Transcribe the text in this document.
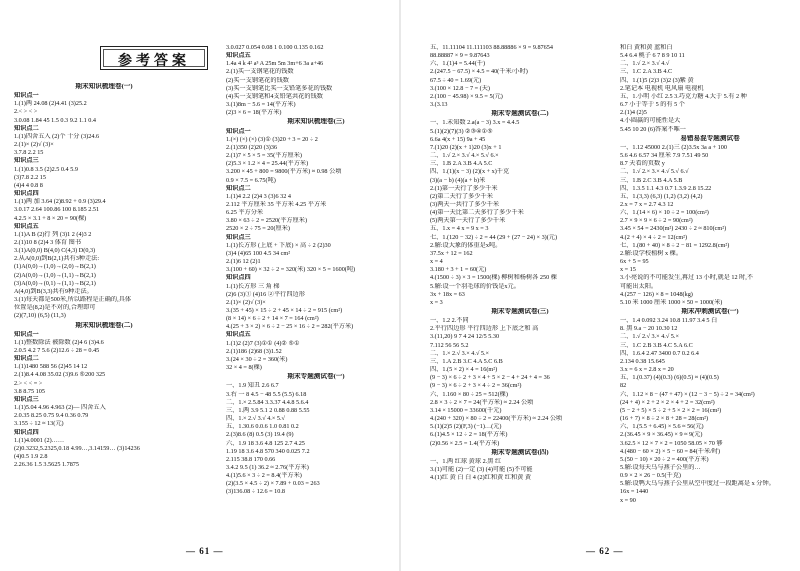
参考答案
期末知识梳理卷(一)
知识点一
1.(1)两 24.08 (2)4.41 (3)25.2
2.< > < >
3.0.08 1.84 45 1.5 0.3 9.2 1.1 0.4
知识点二
1.(1)四舍五入 (2)个 十分 (3)24.6
2.(1)× (2)√ (3)×
3.7.8 2.2 15
知识点三
1.(1)0.8 3.5 (2)2.5 0.4 5.9
(3)7.8 2.2 15
(4)4 4 0.8 8
知识点四
1.(1)两 加 3.64 (2)8.92 + 0.9 (3)29.4
3.0.17 2.64 100.86 100 8.185 2.51
4.2.5 × 3.1 + 8 × 20 = 90(棵)
知识点五
1.(1)A B (2)行 列 (3)1 2 (4)3 2
2.(1)10 8 (2)4 3 体育 图书
3.(1)A(0,0) B(4,0) C(4,3) D(0,3)
2.从A(0,0)到B(2,1)共有3种走法:
(1)A(0,0)→(1,0)→(2,0)→B(2,1)
(2)A(0,0)→(1,0)→(1,1)→B(2,1)
(3)A(0,0)→(0,1)→(1,1)→B(2,1)
A(4,0)到B(3,3)共有9种走法。
3.(1)每天都是500米,所以路程是正确的,具体
位置是(8,2)是不对的,合理即可
(2)(7,10) (6,5) (11,3)
期末知识梳理卷(二)
知识点一
1.(1)整数除法 被除数 (2)4 6 (3)4.6
2.0.5 4.2 7 5.6 (2)12.6 ÷ 28 = 0.45
知识点二
1.(1)1480 588 56 (2)45 14 12
2.(1)8.4 4.08 35.02 (3)9.6 ⑤200 325
2.> < < = >
3.8 8.75 105
知识点三
1.(1)5.04 4.96 4.963 (2)— 四舍五入
2.0.35 8.25 0.75 9.4 0.36 0.79
3.155 ÷ 12 ≈ 13(元)
知识点四
1.(1)4.0001 (2)……
(2)0.3232,5.2325,0.18 4.99…,3.14159… (3)14236
(4)0.5 1.9 2.8
2.26.36 1.5 3.5625 1.7875
3.0.027 0.054 0.08 1 0.100 0.135 0.162
知识点五
1.4a 4 k 4² a³ A 25m 5m 3m+6 3a a+46
2.(1)买一支钢笔花的钱数
(2)买一支钢笔花的钱数
(3)买一支钢笔比买一支铅笔多花的钱数
(4)买一支钢笔和4支铅笔共花的钱数
3.(1)8m − 5.6 = 14(平方米)
(2)3 × 6 = 18(平方米)
期末知识梳理卷(三)
知识点一
1.(×) (×) (×) (3)① (3)20 + 3 = 20 ÷ 2
2.(1)350 (2)20 (3)36
2.(1)7 × 5 × 5 = 35(平方厘米)
(2)5.3 × 1.2 × 4 = 25.44(平方米)
3.200 × 45 + 800 = 9800(平方米) ≈ 0.98 公顷
0.9 × 7.5 = 6.75(吨)
知识点二
1.(1)4 2.2 (2)4 3 (3)6 32 4
2.112 平方厘米 35 平方米 4.25 平方米
6.25 平方分米
3.80 × 63 ÷ 2 = 2520(平方厘米)
2520 × 2 ÷ 75 = 20(厘米)
知识点三
1.(1)长方形 (上底 + 下底) × 高 ÷ 2 (2)30
(3)4 (4)65 100 4.5 34 cm²
2.(1)6 12 (2)1
3.(100 + 60) × 32 ÷ 2 = 320(米) 320 × 5 = 1600(吨)
知识点四
1.(1)长方形 三 角 梯
(2)6 (3)① (4)16 ②平行四边形
2.(1)× (2)√ (3)×
3.(35 + 45) × 15 ÷ 2 + 45 × 14 ÷ 2 = 915 (cm²)
(8 × 14) × 6 ÷ 2 + 14 × 7 = 164 (cm²)
4.(25 + 3 × 2) × 6 ÷ 2 − 25 × 16 ÷ 2 = 282(平方米)
知识点五
1.(1)2 (2)7 (3)①① (4)② ⑤①
2.(1)186 (2)68 (3)1.52
3.(24 × 30 ÷ 2 = 360(米)
32 × 4 = 8(棵)
期末专题测试卷(一)
一、1.9 知丑 2.6 6.7
3.右 一 8 4.5 − 48 5.5 (5.5) 6.18
二、1.× 2.5.84 3.3.37 4.4.8 5.6.4
三、1.两 3.9 5.1 2 0.88 0.88 5.55
四、1.× 2.√ 3.√ 4.× 5.√
五、1.30.6 0.0.6 1.0 0.81 0.2
2.(3)8.6 (8) 0.5 (3) 19.4 (9)
六、1.9 18 3.6 4.8 125 2.7 4.25
1.19 18 3.6 4.8 570 340 0.025 7.2
2.115 38.8 170 0.66
3.4.2 9.5 (1) 36.2 ≈ 2.76(平方米)
4.(1)5.6 × 3 ÷ 2 = 8.4(平方米)
(2)(3.5 × 4.5 ÷ 2) × 7.89 + 0.03 = 263
(3)136.08 ÷ 12.6 = 10.8
— 61 —
五、11.11104 11.111103 88.88886 × 9 = 9.87654
88.88887 × 9 = 9.87643
六、1.(1)4 = 5.44(千)
2.(247.5 − 67.5) × 4.5 = 40(千米/小时)
67.5 ÷ 40 = 1.69(元)
3.(100 × 12.8 − 7 = (天)
2.(100 − 45.98) × 9.5 = 5(元)
3.(3.13
期末专题测试卷(二)
一、1.未知数 2.a(a − 3) 3.x = 4.4.5
5.(1)(2)(7)(3) ②③④①⑤
6.6a 4(x + 15) 9a + 45
7.(1)20 (2)(x + 1)20 (3)x + 1
二、1.√ 2.× 3.√ 4.× 5.√ 6.×
三、1.B 2.A 3.B 4.A 5.C
四、1.(1)(x − 3) (2)(x + x)千克
(3)(a − b) (4)(a + b)米
2.(1)第一天行了多少千米
(2)第二天行了多少千米
(3)两天一共行了多少千米
(4)第一天比第二天多行了多少千米
(5)两天第一天行了多少千米
五、1.x = 4 x = 9 x = 3
七、1.(120 − 32) ÷ 2 = 44 (29 + (27 − 24) × 3)(元)
2.解:设大象的体重是x吨。
37.5x + 12 = 162
x = 4
3.180 + 3 + 1 = 60(元)
4.(1500 ÷ 3) × 3 = 1500(棵) 柳树和杨树各 250 棵
5.解:设一个羽毛球的价钱是x元。
3x + 18x = 63
x = 3
期末专题测试卷(三)
一、1.2 2.不同
2.平行四边形 平行四边形 上下底之和 高
3.(11,20) 9 7 4 24 12/5 5.30
7.112 56 56 5.2
二、1.× 2.√ 3.× 4.√ 5.×
三、1.A 2.B 3.C 4.A 5.C 6.B
四、1.(5 × 2) × 4 = 16(m²)
(9 − 3) × 6 ÷ 2 + 3 × 4 + 5 × 2 − 4 + 24 + 4 = 36
(9 − 3) × 6 ÷ 2 + 3 × 4 ÷ 2 = 36(cm²)
六、1.160 × 80 ÷ 25 = 512(棵)
2.8 × 3 ÷ 2 × 7 = 24(平方米) ≈ 2.24 公顷
3.14 × 15000 = 33600(千元)
4.(240 + 320) × 80 ÷ 2 = 22400(平方米) ≈ 2.24 公顷
5.(1)(2)5 (2)(F,3) (−1)…(元)
6.(1)4.5 × 12 ÷ 2 = 18(平方米)
(2)0.56 × 2.5 = 1.4(平方米)
期末专题测试卷(四)
一、1.两 红球 黄球 2.黑 红
3.(1)可能 (2)一定 (3) (4)可能 (5)不可能
4.(1)红 黄 白 白 4 (2)红和黄 红和黄 黄
和白 黄和黄 蓝和白
5.4 6.4 桃子 6 7 8 9 10 11
二、1.√ 2.× 3.√ 4.√
三、1.C 2.A 3.B 4.C
四、1.(1)5 (2)3 (3)2 (3)紫 黄
2.笔记本 电视机 电风扇 电视机
五、1.小明 小红 2.5 3.巧克力糖 4.大于 5.有 2 种
6.7 小于等于 5 的有 5 个
2.(1)4 (2)5
4.小圆赢的可能性是大
5.45 10 20 (6)答案不唯一
易错易混专题测试卷
一、1.12 45000 2.(1)三 (2)3.5x 3a a + 100
5.6 4.6 6.57 34 厘米 7.9 7.51 49 50
8.7 天看的页数 y
二、1.√ 2.× 3.× 4.√ 5.√ 6.√
三、1.B 2.C 3.B 4.A 5.B
四、1.3.5 1.1 4.3 0.7 1.3.9 2.8 15.22
五、1.(3,3) (6,3) (1,2) (3,2) (4,2)
2.x = 7 x = 2.7 4.3 12
六、1.(14 × 6) × 10 ÷ 2 = 100(cm²)
2.7 × 9 × 9 × 6 ÷ 2 = 90(cm²)
3.45 × 54 = 2430(m²) 2430 ÷ 2 ≈ 810(cm²)
4.(2 + 4) × 4 ÷ 2 = 12(cm²)
七、1.(80 + 40) × 8 ÷ 2 − 81 = 1292.8(cm²)
2.解:设学校植树 x 棵。
6x + 5 = 95
x = 15
3.小亮说的不可能发生,再过 13 小时,就是 12 时,不
可能出太阳。
4.(257 − 126) × 8 = 1048(kg)
5.10 米 1000 厘米 1000 × 50 = 1000(米)
期末冲刺测试卷(一)
一、1.4 0.092 3.24 10.8 11.97 3.4 5 白
8. 黑 9.a − 20 10.30 12
二、1.√ 2.√ 3.× 4.√ 5.×
三、1.C 2.B 3.B 4.C 5.A 6.C
四、1.6.4 2.47 3400 0.7 0.2 6.4
2.134 0.38 15.645
3.x = 6 x = 2.8 x = 20
五、1.(0.37) (4)(0.3) (6)(0.5) ≈ (4)(0.5)
82
六、1.12 × 8 − (47 + 47) × (12 − 3 − 5) ÷ 2 = 34(cm²)
(24 + 4) × 2 + 2 × 2 × 4 + 2 = 32(cm²)
(5 − 2 + 5) × 5 ÷ 2 + 5 × 2 × 2 = 16(cm²)
(16 + 7) × 8 ÷ 2 × 8 + 28 = 28(cm²)
六、1.(5.5 + 6.45) × 5.6 ≈ 56(元)
2.(36.45 × 9 × 36.45) × 9 ≈ 9(元)
3.62.5 × 12 × 7 × 2 = 1050 58.05 × 70 够
4.(480 − 60 × 2) × 5 − 60 = 84(千米/时)
5.(50 − 10) × 20 ÷ 2 = 400(平方米)
5.解:设每天乌与燕子公里的…
0.9 × 2 × 26 − 0.5(千克)
5.解:设鸭大乌与燕子公里从空中度过一段距离是 x 分钟。
16x = 1440
x = 90
— 62 —
